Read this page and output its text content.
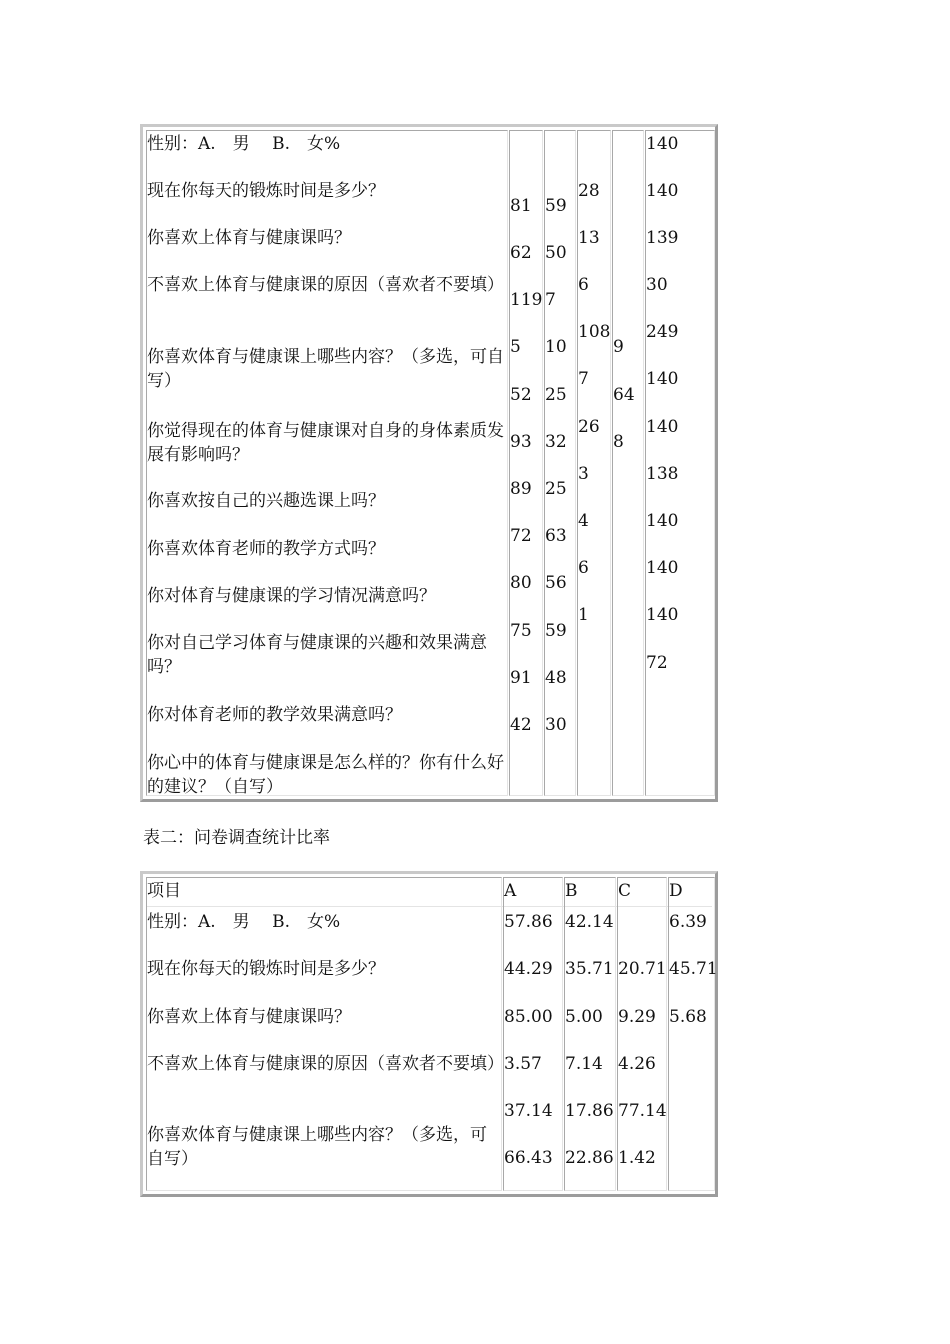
性别：A.　男　 B.　女%
现在你每天的锻炼时间是多少？
你喜欢上体育与健康课吗？
不喜欢上体育与健康课的原因（喜欢者不要填）
你喜欢体育与健康课上哪些内容？（多选，可自写）
你觉得现在的体育与健康课对自身的身体素质发展有影响吗？
你喜欢按自己的兴趣选课上吗？
你喜欢体育老师的教学方式吗？
你对体育与健康课的学习情况满意吗？
你对自己学习体育与健康课的兴趣和效果满意吗？
你对体育老师的教学效果满意吗？
你心中的体育与健康课是怎么样的？你有什么好的建议？（自写）
81
62
119
5
52
93
89
72
80
75
91
42
59
50
7
10
25
32
25
63
56
59
48
30
28
13
6
108
7
26
3
4
6
1
9
64
8
140
140
139
30
249
140
140
138
140
140
140
72
表二：问卷调查统计比率
项目	A	B C D
性别：A.　男　 B.　女%
现在你每天的锻炼时间是多少？
你喜欢上体育与健康课吗？
不喜欢上体育与健康课的原因（喜欢者不要填）
你喜欢体育与健康课上哪些内容？（多选，可自写）
57.86
44.29
85.00
3.57
37.14
66.43
42.14
35.71
5.00
7.14
17.86
22.86
20.71
9.29
4.26
77.14
1.42
6.39
45.71
5.68
